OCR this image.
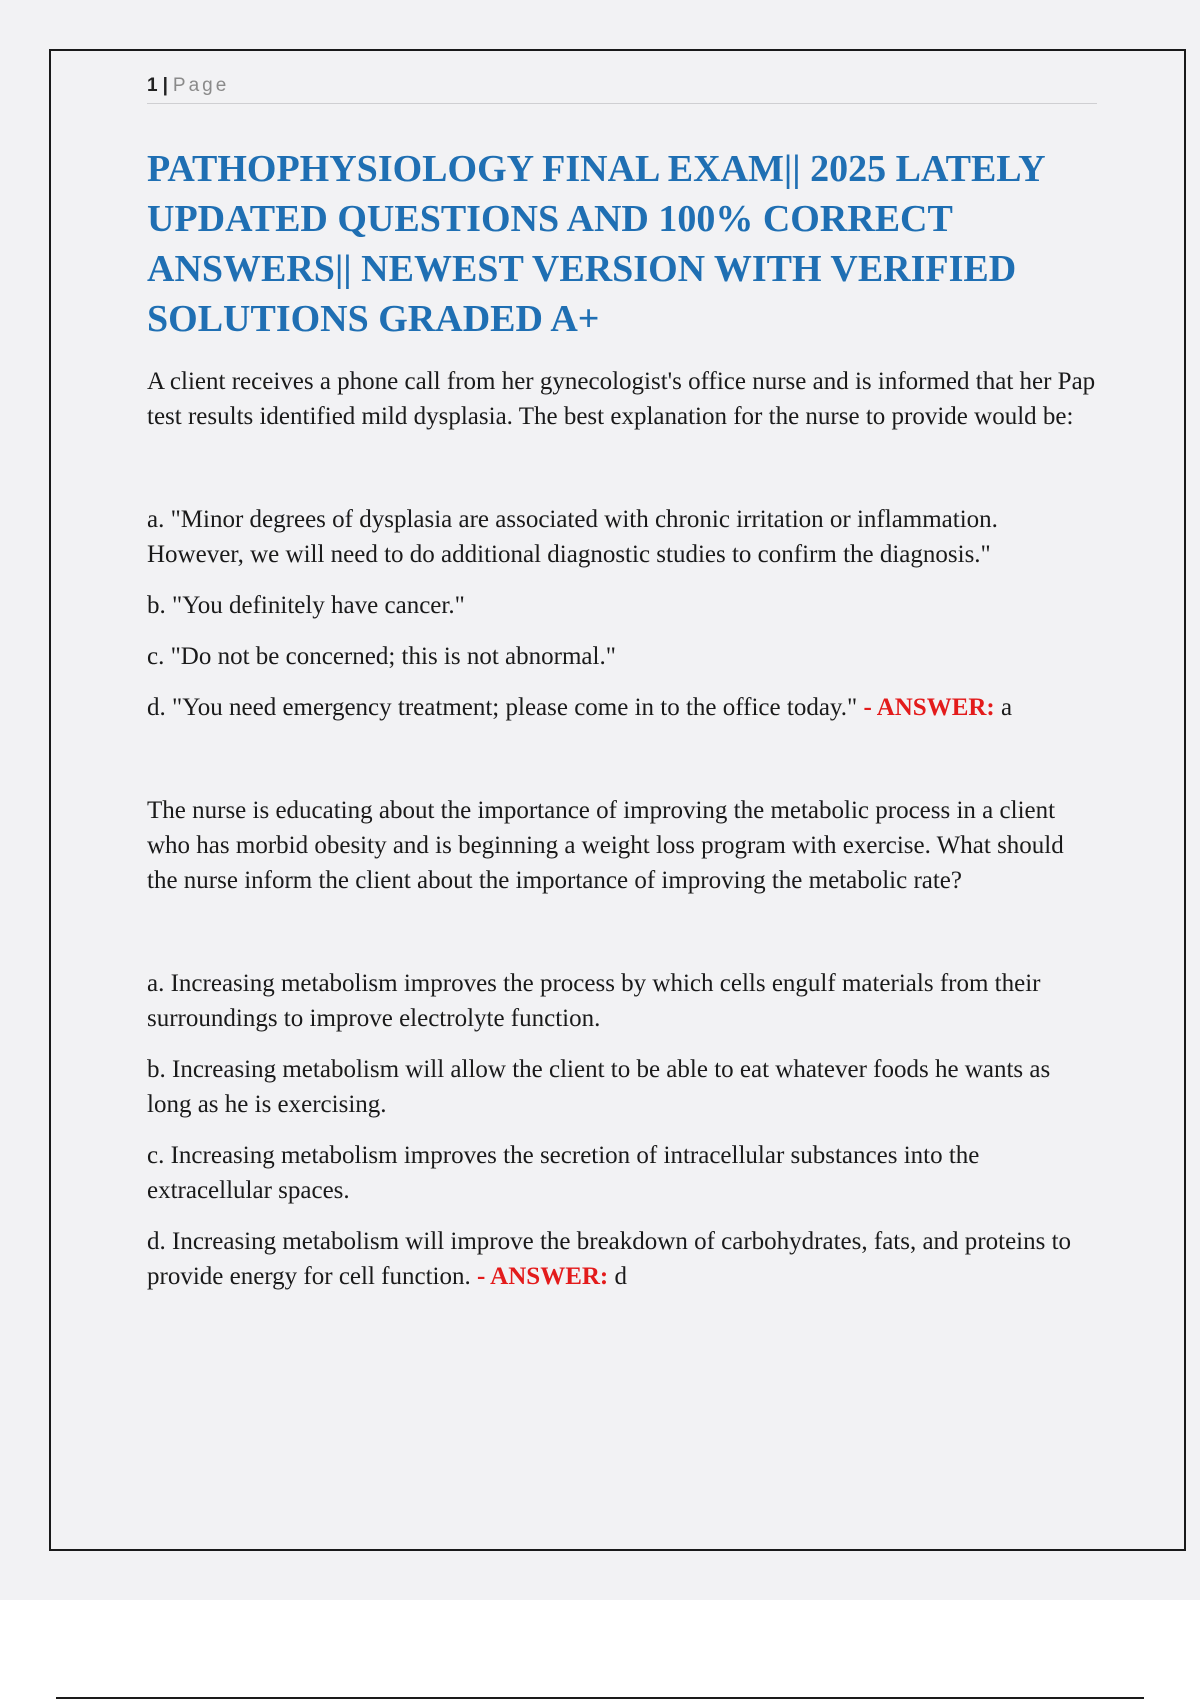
1 | Page
PATHOPHYSIOLOGY FINAL EXAM|| 2025 LATELY UPDATED QUESTIONS AND 100% CORRECT ANSWERS|| NEWEST VERSION WITH VERIFIED SOLUTIONS GRADED A+
A client receives a phone call from her gynecologist's office nurse and is informed that her Pap test results identified mild dysplasia. The best explanation for the nurse to provide would be:
a. "Minor degrees of dysplasia are associated with chronic irritation or inflammation. However, we will need to do additional diagnostic studies to confirm the diagnosis."
b. "You definitely have cancer."
c. "Do not be concerned; this is not abnormal."
d. "You need emergency treatment; please come in to the office today." - ANSWER: a
The nurse is educating about the importance of improving the metabolic process in a client who has morbid obesity and is beginning a weight loss program with exercise. What should the nurse inform the client about the importance of improving the metabolic rate?
a. Increasing metabolism improves the process by which cells engulf materials from their surroundings to improve electrolyte function.
b. Increasing metabolism will allow the client to be able to eat whatever foods he wants as long as he is exercising.
c. Increasing metabolism improves the secretion of intracellular substances into the extracellular spaces.
d. Increasing metabolism will improve the breakdown of carbohydrates, fats, and proteins to provide energy for cell function. - ANSWER: d
